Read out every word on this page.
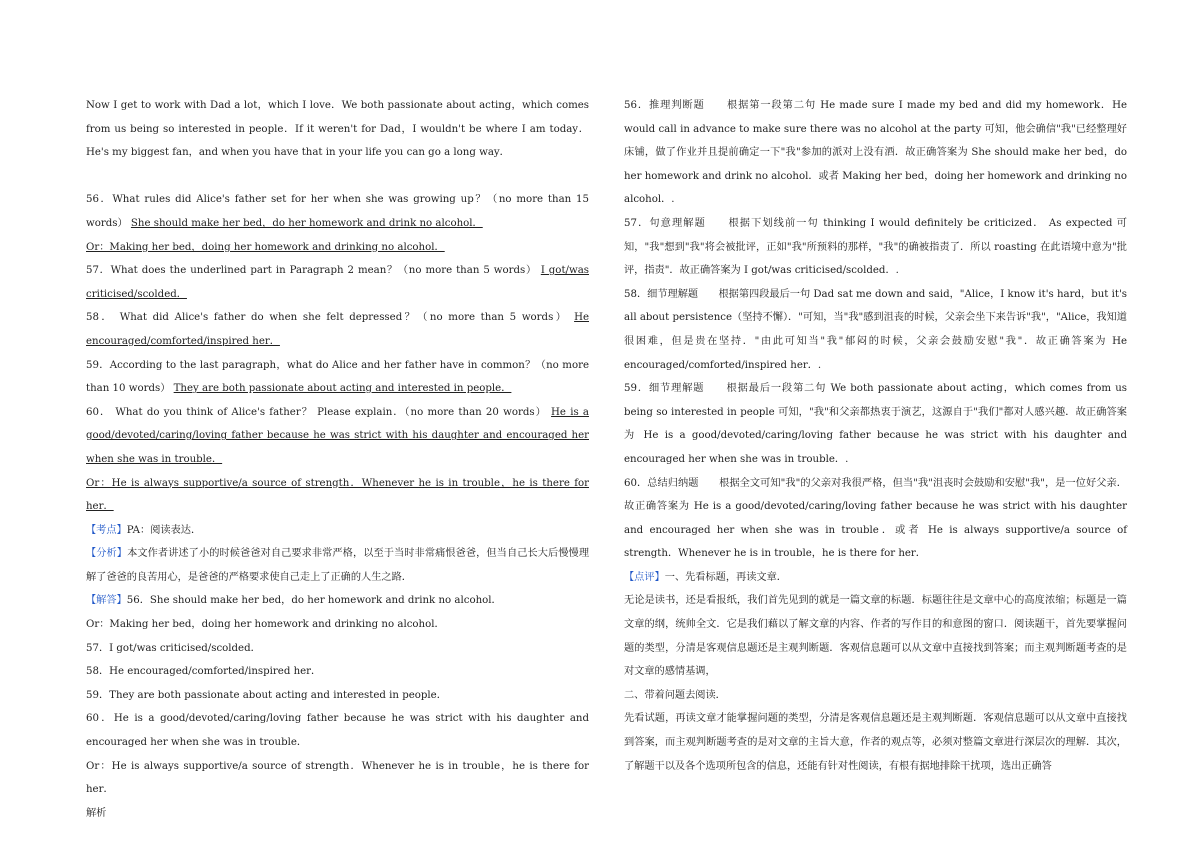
Now I get to work with Dad a lot，which I love．We both passionate about acting，which comes from us being so interested in people．If it weren't for Dad，I wouldn't be where I am today．He's my biggest fan，and when you have that in your life you can go a long way．

56．What rules did Alice's father set for her when she was growing up？（no more than 15 words） She should make her bed，do her homework and drink no alcohol．

Or：Making her bed，doing her homework and drinking no alcohol．

57．What does the underlined part in Paragraph 2 mean？（no more than 5 words） I got/was criticised/scolded．

58． What did Alice's father do when she felt depressed？（no more than 5 words） He encouraged/comforted/inspired her．

59．According to the last paragraph，what do Alice and her father have in common？（no more than 10 words） They are both passionate about acting and interested in people．

60． What do you think of Alice's father？ Please explain．（no more than 20 words） He is a good/devoted/caring/loving father because he was strict with his daughter and encouraged her when she was in trouble．

Or：He is always supportive/a source of strength．Whenever he is in trouble，he is there for her．

【考点】PA：阅读表达．

【分析】本文作者讲述了小的时候爸爸对自己要求非常严格，以至于当时非常痛恨爸爸，但当自己长大后慢慢理解了爸爸的良苦用心，是爸爸的严格要求使自己走上了正确的人生之路．

【解答】56．She should make her bed，do her homework and drink no alcohol．

Or：Making her bed，doing her homework and drinking no alcohol．

57．I got/was criticised/scolded．

58．He encouraged/comforted/inspired her．

59．They are both passionate about acting and interested in people．

60．He is a good/devoted/caring/loving father because he was strict with his daughter and encouraged her when she was in trouble．

Or：He is always supportive/a source of strength．Whenever he is in trouble，he is there for her．

解析

56．推理判断题　　根据第一段第二句 He made sure I made my bed and did my homework．He would call in advance to make sure there was no alcohol at the party 可知，他会确信"我"已经整理好床铺，做了作业并且提前确定一下"我"参加的派对上没有酒．故正确答案为 She should make her bed，do her homework and drink no alcohol．或者 Making her bed，doing her homework and drinking no alcohol．.

57．句意理解题　　根据下划线前一句 thinking I would definitely be criticized． As expected 可知，"我"想到"我"将会被批评，正如"我"所预料的那样，"我"的确被指责了．所以 roasting 在此语境中意为"批评，指责"．故正确答案为 I got/was criticised/scolded．.

58．细节理解题　　根据第四段最后一句 Dad sat me down and said，"Alice，I know it's hard，but it's all about persistence（坚持不懈）．"可知，当"我"感到沮丧的时候，父亲会坐下来告诉"我"，"Alice，我知道很困难，但是贵在坚持．"由此可知当"我"郁闷的时候，父亲会鼓励安慰"我"．故正确答案为 He encouraged/comforted/inspired her．.

59．细节理解题　　根据最后一段第二句 We both passionate about acting，which comes from us being so interested in people 可知，"我"和父亲都热衷于演艺，这源自于"我们"都对人感兴趣．故正确答案为 He is a good/devoted/caring/loving father because he was strict with his daughter and encouraged her when she was in trouble．.

60．总结归纳题　　根据全文可知"我"的父亲对我很严格，但当"我"沮丧时会鼓励和安慰"我"，是一位好父亲．故正确答案为 He is a good/devoted/caring/loving father because he was strict with his daughter and encouraged her when she was in trouble．或者 He is always supportive/a source of strength．Whenever he is in trouble，he is there for her．

【点评】一、先看标题，再读文章．

无论是读书，还是看报纸，我们首先见到的就是一篇文章的标题．标题往往是文章中心的高度浓缩；标题是一篇文章的纲，统帅全文．它是我们藉以了解文章的内容、作者的写作目的和意图的窗口．阅读题干，首先要掌握问题的类型，分清是客观信息题还是主观判断题．客观信息题可以从文章中直接找到答案；而主观判断题考查的是对文章的感情基调，

二、带着问题去阅读．

先看试题，再读文章才能掌握问题的类型，分清是客观信息题还是主观判断题．客观信息题可以从文章中直接找到答案，而主观判断题考查的是对文章的主旨大意，作者的观点等，必须对整篇文章进行深层次的理解．其次，了解题干以及各个选项所包含的信息，还能有针对性阅读，有根有据地排除干扰项，选出正确答
